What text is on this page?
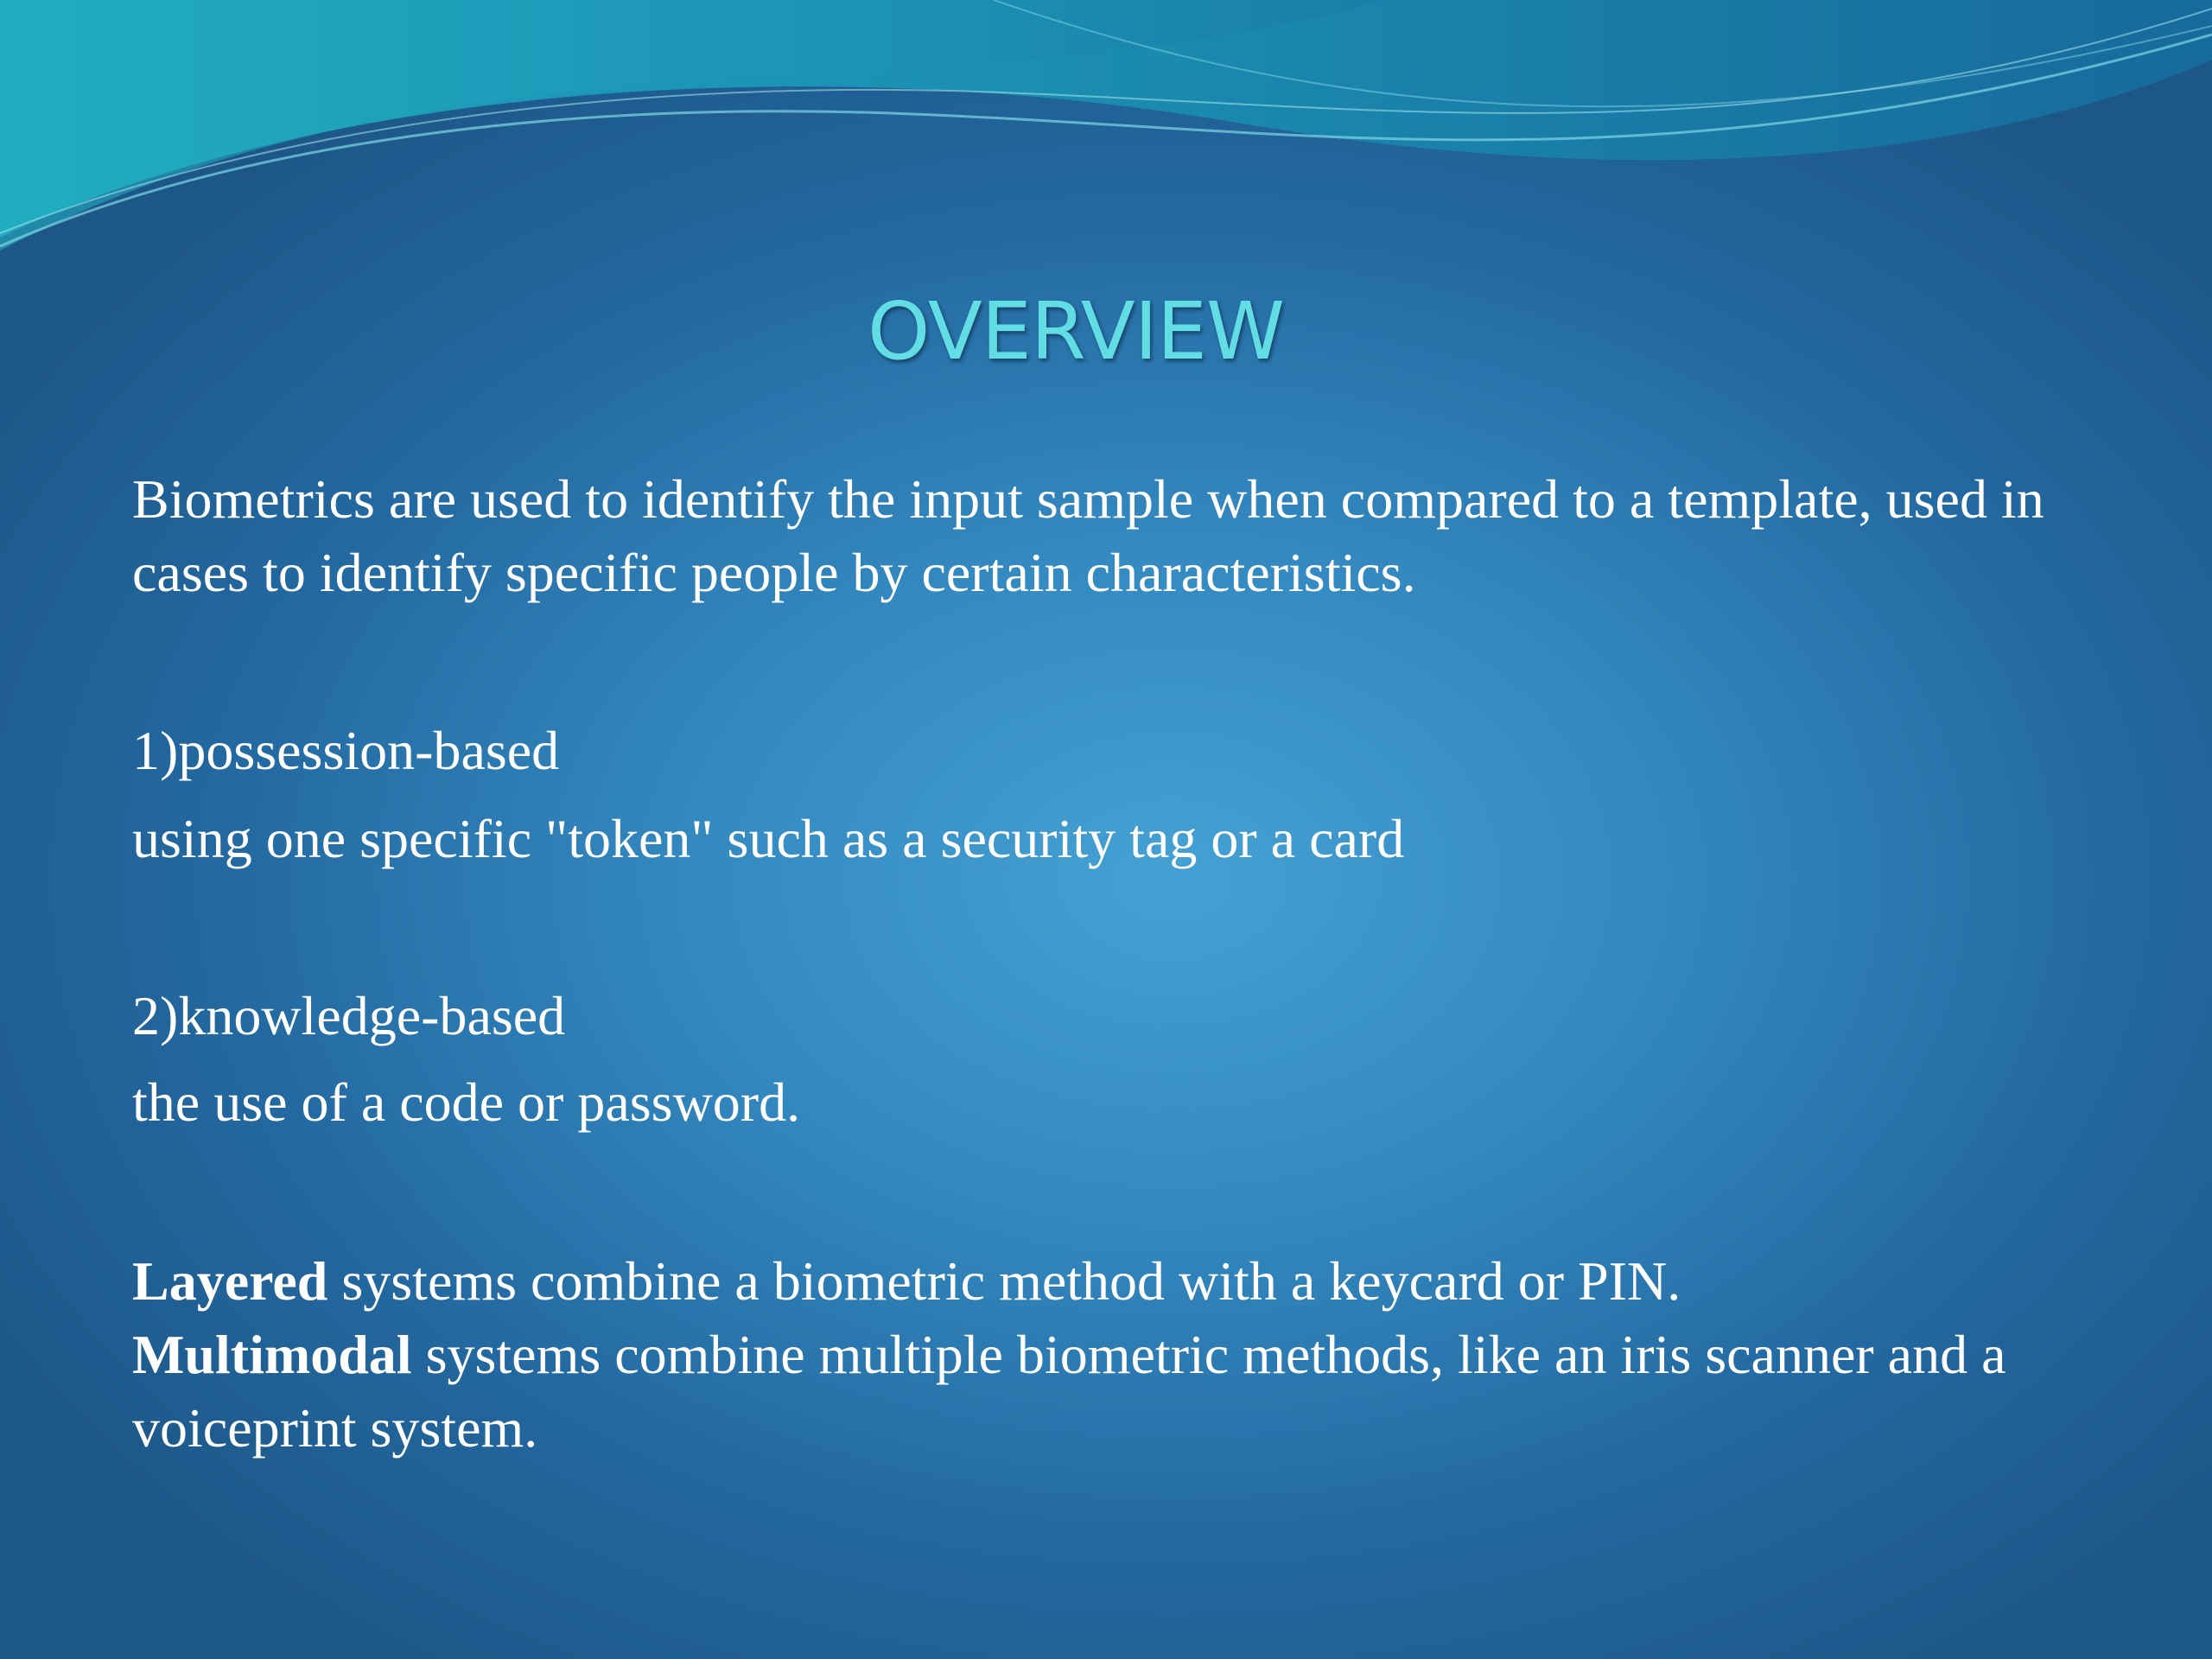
OVERVIEW

Biometrics are used to identify the input sample when compared to a template, used in cases to identify specific people by certain characteristics.

1)possession-based

using one specific "token" such as a security tag or a card

2)knowledge-based

the use of a code or password.

Layered systems combine a biometric method with a keycard or PIN.
Multimodal systems combine multiple biometric methods, like an iris scanner and a voiceprint system.
